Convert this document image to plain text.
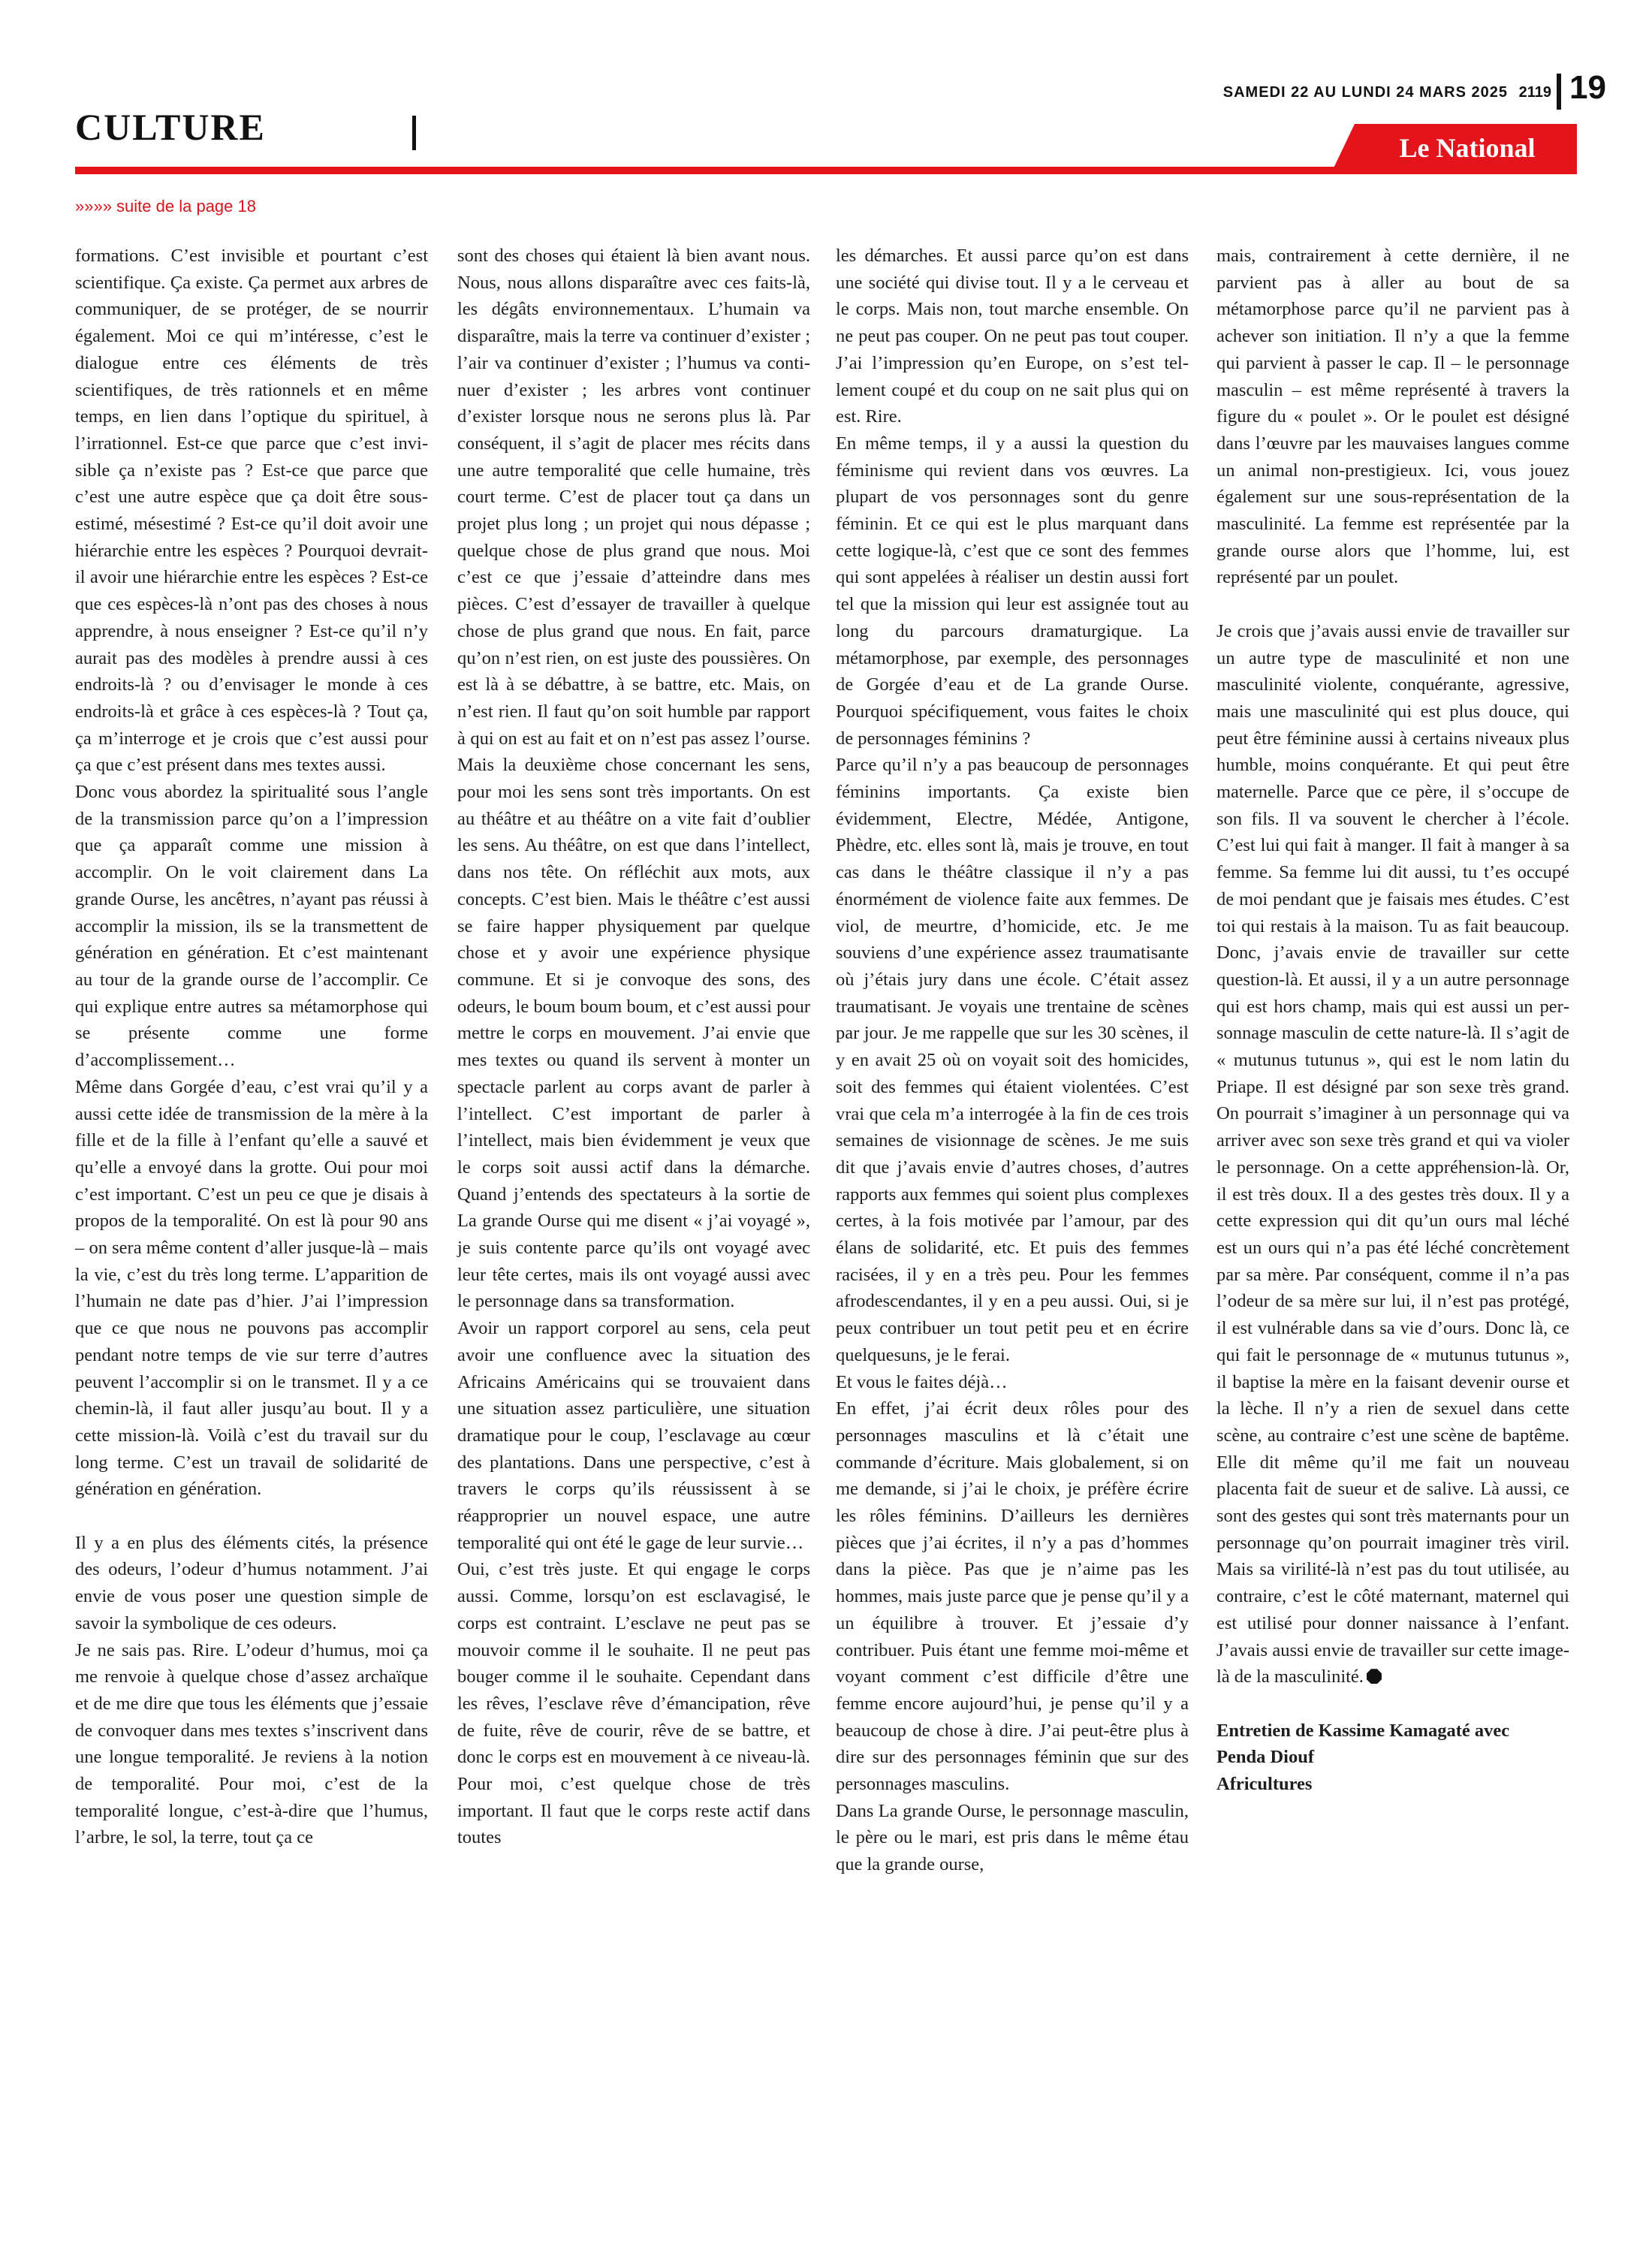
SAMEDI 22 AU LUNDI 24 MARS 2025 2119 19
CULTURE	Le National
»»»» suite de la page 18

formations. C’est invisible et pourtant c’est scientifique. Ça existe. Ça permet aux arbres de communiquer, de se protéger, de se nourrir également. Moi ce qui m’intéresse, c’est le dialogue entre ces éléments de très scientifiques, de très rationnels et en même temps, en lien dans l’optique du spirituel, à l’irrationnel. Est-ce que parce que c’est invisible ça n’existe pas ? Est-ce que parce que c’est une autre espèce que ça doit être sous-estimé, mésestimé ? Est-ce qu’il doit avoir une hiérarchie entre les espèces ? Pourquoi devrait-il avoir une hiérarchie entre les espèces ? Est-ce que ces espèces-là n’ont pas des choses à nous apprendre, à nous enseigner ? Est-ce qu’il n’y aurait pas des modèles à prendre aussi à ces endroits-là ? ou d’envisager le monde à ces endroits-là et grâce à ces espèces-là ? Tout ça, ça m’interroge et je crois que c’est aussi pour ça que c’est présent dans mes textes aussi.

Donc vous abordez la spiritualité sous l’angle de la transmission parce qu’on a l’impression que ça apparaît comme une mission à accomplir. On le voit clairement dans La grande Ourse, les ancêtres, n’ayant pas réussi à accomplir la mission, ils se la transmettent de génération en génération. Et c’est maintenant au tour de la grande ourse de l’accomplir. Ce qui explique entre autres sa métamorphose qui se présente comme une forme d’accomplissement…

Même dans Gorgée d’eau, c’est vrai qu’il y a aussi cette idée de transmission de la mère à la fille et de la fille à l’enfant qu’elle a sauvé et qu’elle a envoyé dans la grotte. Oui pour moi c’est important. C’est un peu ce que je disais à propos de la temporalité. On est là pour 90 ans – on sera même content d’aller jusque-là – mais la vie, c’est du très long terme. L’apparition de l’humain ne date pas d’hier. J’ai l’impression que ce que nous ne pouvons pas accomplir pendant notre temps de vie sur terre d’autres peuvent l’accomplir si on le transmet. Il y a ce chemin-là, il faut aller jusqu’au bout. Il y a cette mission-là. Voilà c’est du travail sur du long terme. C’est un travail de solidarité de génération en génération.

Il y a en plus des éléments cités, la présence des odeurs, l’odeur d’humus notamment. J’ai envie de vous poser une question simple de savoir la symbolique de ces odeurs.

Je ne sais pas. Rire. L’odeur d’humus, moi ça me renvoie à quelque chose d’assez archaïque et de me dire que tous les éléments que j’essaie de convoquer dans mes textes s’inscrivent dans une longue temporalité. Je reviens à la notion de temporalité. Pour moi, c’est de la temporalité longue, c’est-à-dire que l’humus, l’arbre, le sol, la terre, tout ça ce

sont des choses qui étaient là bien avant nous. Nous, nous allons disparaître avec ces faits-là, les dégâts environnementaux. L’humain va disparaître, mais la terre va continuer d’exister ; l’air va continuer d’exister ; l’humus va continuer d’exister ; les arbres vont continuer d’exister lorsque nous ne serons plus là. Par conséquent, il s’agit de placer mes récits dans une autre temporalité que celle humaine, très court terme. C’est de placer tout ça dans un projet plus long ; un projet qui nous dépasse ; quelque chose de plus grand que nous. Moi c’est ce que j’essaie d’atteindre dans mes pièces. C’est d’essayer de travailler à quelque chose de plus grand que nous. En fait, parce qu’on n’est rien, on est juste des poussières. On est là à se débattre, à se battre, etc. Mais, on n’est rien. Il faut qu’on soit humble par rapport à qui on est au fait et on n’est pas assez l’ourse. Mais la deuxième chose concernant les sens, pour moi les sens sont très importants. On est au théâtre et au théâtre on a vite fait d’oublier les sens. Au théâtre, on est que dans l’intellect, dans nos tête. On réfléchit aux mots, aux concepts. C’est bien. Mais le théâtre c’est aussi se faire happer physiquement par quelque chose et y avoir une expérience physique commune. Et si je convoque des sons, des odeurs, le boum boum boum, et c’est aussi pour mettre le corps en mouvement. J’ai envie que mes textes ou quand ils servent à monter un spectacle parlent au corps avant de parler à l’intellect. C’est important de parler à l’intellect, mais bien évidemment je veux que le corps soit aussi actif dans la démarche. Quand j’entends des spectateurs à la sortie de La grande Ourse qui me disent « j’ai voyagé », je suis contente parce qu’ils ont voyagé avec leur tête certes, mais ils ont voyagé aussi avec le personnage dans sa transformation.

Avoir un rapport corporel au sens, cela peut avoir une confluence avec la situation des Africains Américains qui se trouvaient dans une situation assez particulière, une situation dramatique pour le coup, l’esclavage au cœur des plantations. Dans une perspective, c’est à travers le corps qu’ils réussissent à se réapproprier un nouvel espace, une autre temporalité qui ont été le gage de leur survie…

Oui, c’est très juste. Et qui engage le corps aussi. Comme, lorsqu’on est esclavagisé, le corps est contraint. L’esclave ne peut pas se mouvoir comme il le souhaite. Il ne peut pas bouger comme il le souhaite. Cependant dans les rêves, l’esclave rêve d’émancipation, rêve de fuite, rêve de courir, rêve de se battre, et donc le corps est en mouvement à ce niveau-là. Pour moi, c’est quelque chose de très important. Il faut que le corps reste actif dans toutes

les démarches. Et aussi parce qu’on est dans une société qui divise tout. Il y a le cerveau et le corps. Mais non, tout marche ensemble. On ne peut pas couper. On ne peut pas tout couper. J’ai l’impression qu’en Europe, on s’est tellement coupé et du coup on ne sait plus qui on est. Rire.

En même temps, il y a aussi la question du féminisme qui revient dans vos œuvres. La plupart de vos personnages sont du genre féminin. Et ce qui est le plus marquant dans cette logique-là, c’est que ce sont des femmes qui sont appelées à réaliser un destin aussi fort tel que la mission qui leur est assignée tout au long du parcours dramaturgique. La métamorphose, par exemple, des personnages de Gorgée d’eau et de La grande Ourse. Pourquoi spécifiquement, vous faites le choix de personnages féminins ?

Parce qu’il n’y a pas beaucoup de personnages féminins importants. Ça existe bien évidemment, Electre, Médée, Antigone, Phèdre, etc. elles sont là, mais je trouve, en tout cas dans le théâtre classique il n’y a pas énormément de violence faite aux femmes. De viol, de meurtre, d’homicide, etc. Je me souviens d’une expérience assez traumatisante où j’étais jury dans une école. C’était assez traumatisant. Je voyais une trentaine de scènes par jour. Je me rappelle que sur les 30 scènes, il y en avait 25 où on voyait soit des homicides, soit des femmes qui étaient violentées. C’est vrai que cela m’a interrogée à la fin de ces trois semaines de visionnage de scènes. Je me suis dit que j’avais envie d’autres choses, d’autres rapports aux femmes qui soient plus complexes certes, à la fois motivée par l’amour, par des élans de solidarité, etc. Et puis des femmes racisées, il y en a très peu. Pour les femmes afrodescendantes, il y en a peu aussi. Oui, si je peux contribuer un tout petit peu et en écrire quelquesuns, je le ferai.

Et vous le faites déjà…

En effet, j’ai écrit deux rôles pour des personnages masculins et là c’était une commande d’écriture. Mais globalement, si on me demande, si j’ai le choix, je préfère écrire les rôles féminins. D’ailleurs les dernières pièces que j’ai écrites, il n’y a pas d’hommes dans la pièce. Pas que je n’aime pas les hommes, mais juste parce que je pense qu’il y a un équilibre à trouver. Et j’essaie d’y contribuer. Puis étant une femme moi-même et voyant comment c’est difficile d’être une femme encore aujourd’hui, je pense qu’il y a beaucoup de chose à dire. J’ai peut-être plus à dire sur des personnages féminin que sur des personnages masculins.

Dans La grande Ourse, le personnage masculin, le père ou le mari, est pris dans le même étau que la grande ourse,

mais, contrairement à cette dernière, il ne parvient pas à aller au bout de sa métamorphose parce qu’il ne parvient pas à achever son initiation. Il n’y a que la femme qui parvient à passer le cap. Il – le personnage masculin – est même représenté à travers la figure du « poulet ». Or le poulet est désigné dans l’œuvre par les mauvaises langues comme un animal non-prestigieux. Ici, vous jouez également sur une sous-représentation de la masculinité. La femme est représentée par la grande ourse alors que l’homme, lui, est représenté par un poulet.

Je crois que j’avais aussi envie de travailler sur un autre type de masculinité et non une masculinité violente, conquérante, agressive, mais une masculinité qui est plus douce, qui peut être féminine aussi à certains niveaux plus humble, moins conquérante. Et qui peut être maternelle. Parce que ce père, il s’occupe de son fils. Il va souvent le chercher à l’école. C’est lui qui fait à manger. Il fait à manger à sa femme. Sa femme lui dit aussi, tu t’es occupé de moi pendant que je faisais mes études. C’est toi qui restais à la maison. Tu as fait beaucoup. Donc, j’avais envie de travailler sur cette question-là. Et aussi, il y a un autre personnage qui est hors champ, mais qui est aussi un personnage masculin de cette nature-là. Il s’agit de « mutunus tutunus », qui est le nom latin du Priape. Il est désigné par son sexe très grand. On pourrait s’imaginer à un personnage qui va arriver avec son sexe très grand et qui va violer le personnage. On a cette appréhension-là. Or, il est très doux. Il a des gestes très doux. Il y a cette expression qui dit qu’un ours mal léché est un ours qui n’a pas été léché concrètement par sa mère. Par conséquent, comme il n’a pas l’odeur de sa mère sur lui, il n’est pas protégé, il est vulnérable dans sa vie d’ours. Donc là, ce qui fait le personnage de « mutunus tutunus », il baptise la mère en la faisant devenir ourse et la lèche. Il n’y a rien de sexuel dans cette scène, au contraire c’est une scène de baptême. Elle dit même qu’il me fait un nouveau placenta fait de sueur et de salive. Là aussi, ce sont des gestes qui sont très maternants pour un personnage qu’on pourrait imaginer très viril. Mais sa virilité-là n’est pas du tout utilisée, au contraire, c’est le côté maternant, maternel qui est utilisé pour donner naissance à l’enfant. J’avais aussi envie de travailler sur cette image-là de la masculinité.

Entretien de Kassime Kamagaté avec
Penda Diouf
Africultures
